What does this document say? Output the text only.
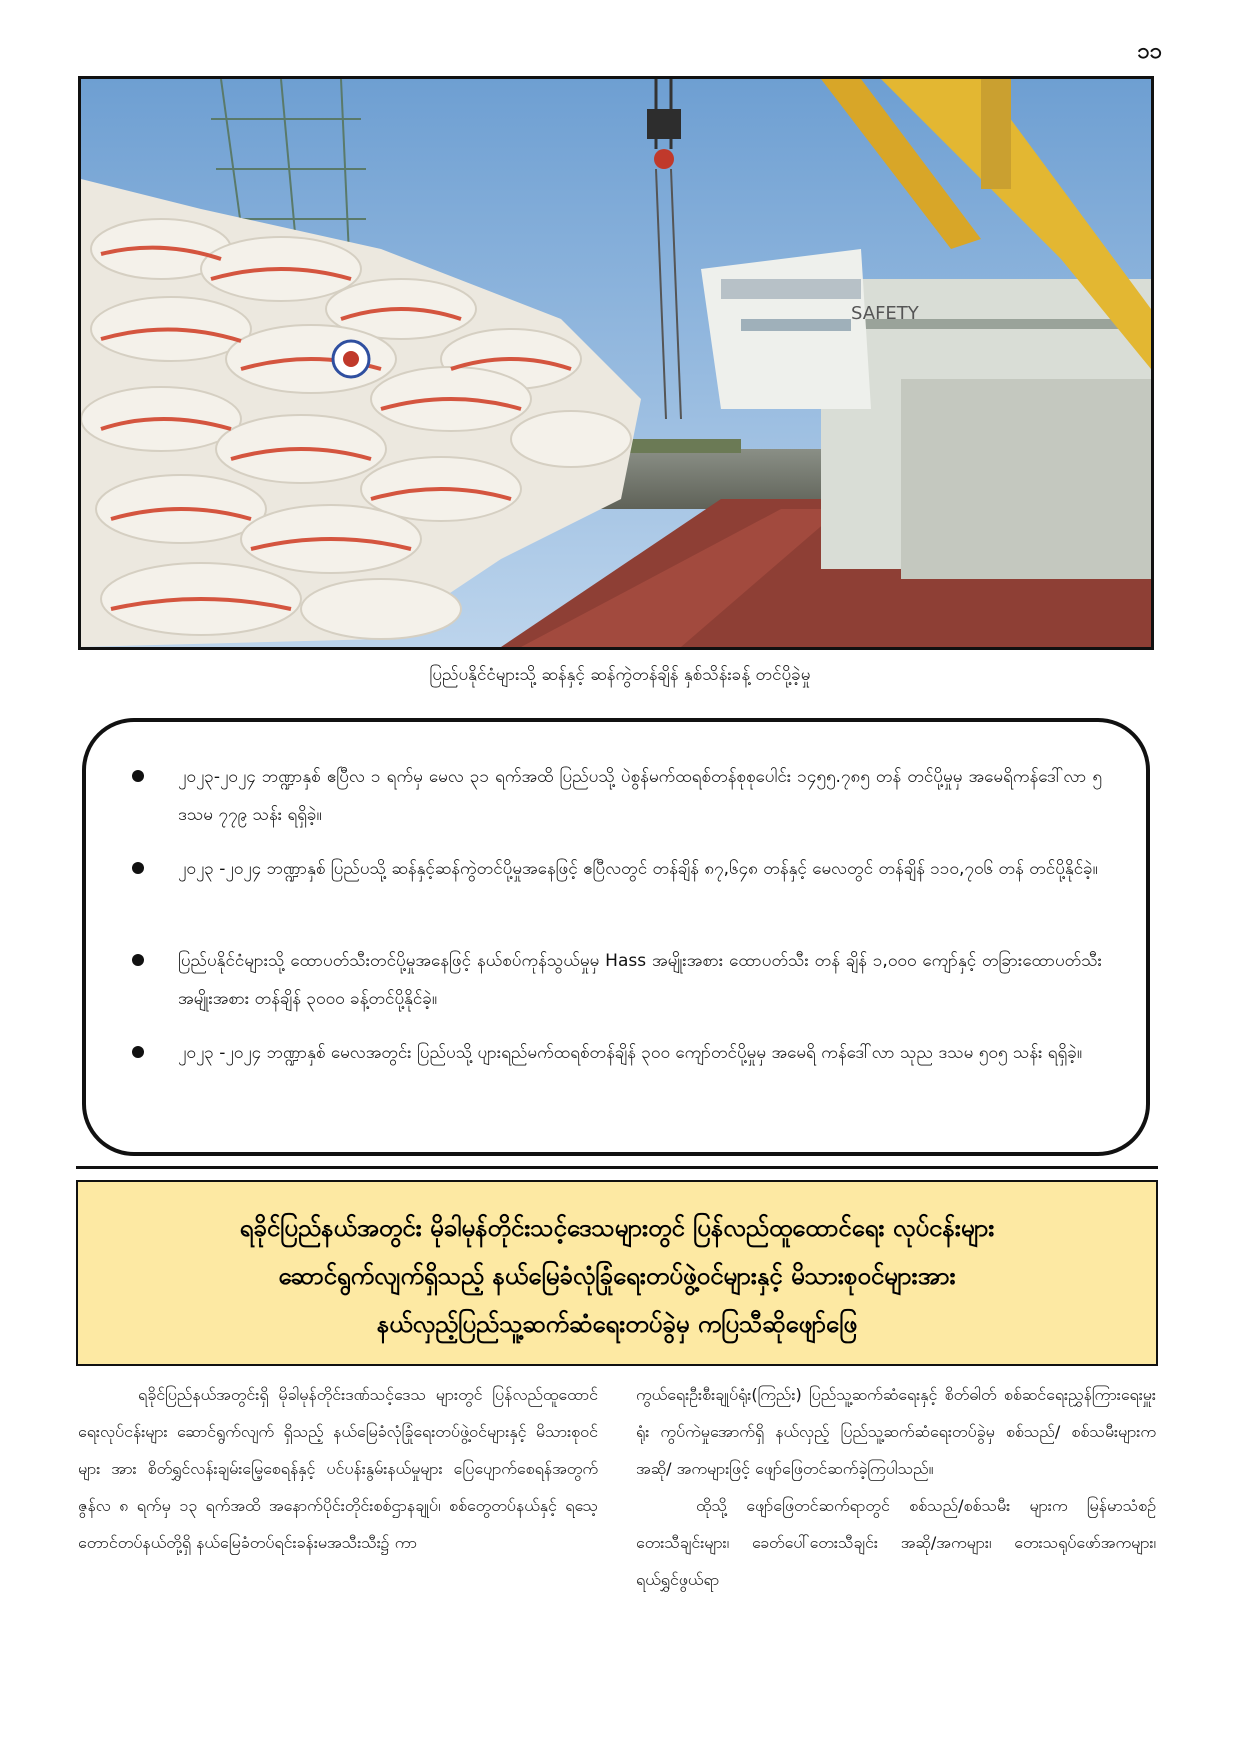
၁၁
SAFETY
ပြည်ပနိုင်ငံများသို့ ဆန်နှင့် ဆန်ကွဲတန်ချိန် နှစ်သိန်းခန့် တင်ပို့ခဲ့မှု
၂၀၂၃-၂၀၂၄ ဘဏ္ဍာနှစ် ဧပြီလ ၁ ရက်မှ မေလ ၃၁ ရက်အထိ ပြည်ပသို့ ပဲစွန်မက်ထရစ်တန်စုစုပေါင်း ၁၄၅၅.၇၈၅ တန် တင်ပို့မှုမှ အမေရိကန်ဒေါ်လာ ၅ ဒသမ ၇၇၉ သန်း ရရှိခဲ့။
၂၀၂၃ -၂၀၂၄ ဘဏ္ဍာနှစ် ပြည်ပသို့ ဆန်နှင့်ဆန်ကွဲတင်ပို့မှုအနေဖြင့် ဧပြီလတွင် တန်ချိန် ၈၇,၆၄၈ တန်နှင့် မေလတွင် တန်ချိန် ၁၁၀,၇၀၆ တန် တင်ပို့နိုင်ခဲ့။
ပြည်ပနိုင်ငံများသို့ ထောပတ်သီးတင်ပို့မှုအနေဖြင့် နယ်စပ်ကုန်သွယ်မှုမှ Hass အမျိုးအစား ထောပတ်သီး တန် ချိန် ၁,၀၀၀ ကျော်နှင့် တခြားထောပတ်သီး အမျိုးအစား တန်ချိန် ၃၀၀၀ ခန့်တင်ပို့နိုင်ခဲ့။
၂၀၂၃ -၂၀၂၄ ဘဏ္ဍာနှစ် မေလအတွင်း ပြည်ပသို့ ပျားရည်မက်ထရစ်တန်ချိန် ၃၀၀ ကျော်တင်ပို့မှုမှ အမေရိ ကန်ဒေါ်လာ သုည ဒသမ ၅၀၅ သန်း ရရှိခဲ့။
ရခိုင်ပြည်နယ်အတွင်း မိုခါမုန်တိုင်းသင့်ဒေသများတွင် ပြန်လည်ထူထောင်ရေး လုပ်ငန်းများ
ဆောင်ရွက်လျက်ရှိသည့် နယ်မြေခံလုံခြုံရေးတပ်ဖွဲ့ဝင်များနှင့် မိသားစုဝင်များအား
နယ်လှည့်ပြည်သူ့ဆက်ဆံရေးတပ်ခွဲမှ ကပြသီဆိုဖျော်ဖြေ

ရခိုင်ပြည်နယ်အတွင်းရှိ မိုခါမုန်တိုင်းဒဏ်သင့်ဒေသ များတွင် ပြန်လည်ထူထောင်ရေးလုပ်ငန်းများ ဆောင်ရွက်လျက် ရှိသည့် နယ်မြေခံလုံခြုံရေးတပ်ဖွဲ့ဝင်များနှင့် မိသားစုဝင်များ အား စိတ်ရွှင်လန်းချမ်းမြေ့စေရန်နှင့် ပင်ပန်းနွမ်းနယ်မှုများ ပြေပျောက်စေရန်အတွက် ဇွန်လ ၈ ရက်မှ ၁၃ ရက်အထိ အနောက်ပိုင်းတိုင်းစစ်ဌာနချုပ်၊ စစ်တွေတပ်နယ်နှင့် ရသေ့ တောင်တပ်နယ်တို့ရှိ နယ်မြေခံတပ်ရင်းခန်းမအသီးသီး၌ ကာ

ကွယ်ရေးဦးစီးချုပ်ရုံး(ကြည်း) ပြည်သူ့ဆက်ဆံရေးနှင့် စိတ်ဓါတ် စစ်ဆင်ရေးညွှန်ကြားရေးမှူးရုံး ကွပ်ကဲမှုအောက်ရှိ နယ်လှည့် ပြည်သူ့ဆက်ဆံရေးတပ်ခွဲမှ စစ်သည်/ စစ်သမီးများက အဆို/ အကများဖြင့် ဖျော်ဖြေတင်ဆက်ခဲ့ကြပါသည်။

ထိုသို့ ဖျော်ဖြေတင်ဆက်ရာတွင် စစ်သည်/စစ်သမီး များက မြန်မာသံစဉ် တေးသီချင်းများ၊ ခေတ်ပေါ်တေးသီချင်း အဆို/အကများ၊ တေးသရုပ်ဖော်အကများ၊ ရယ်ရွှင်ဖွယ်ရာ
